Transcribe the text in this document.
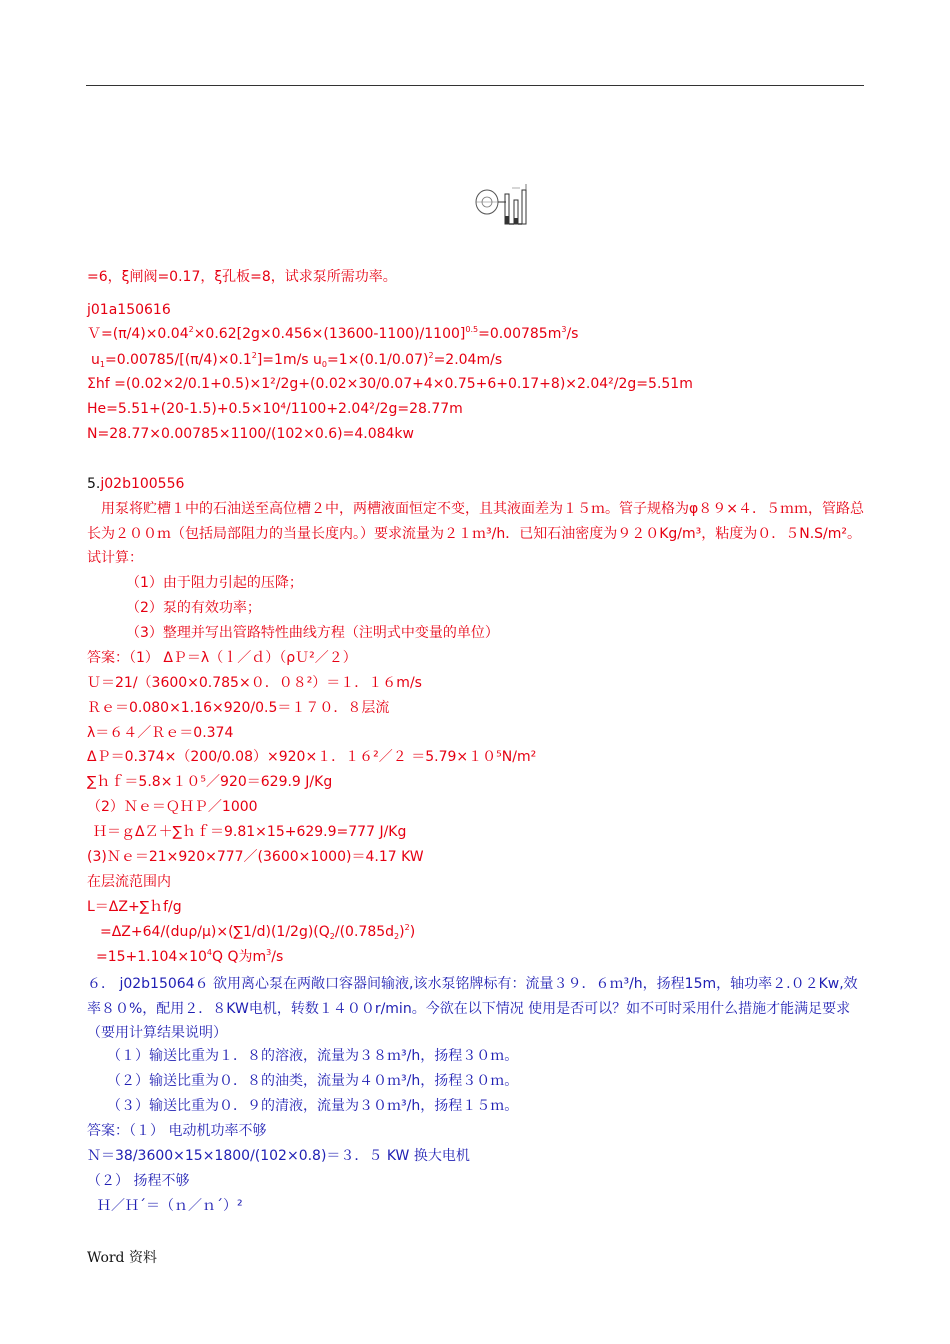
=6，ξ闸阀=0.17，ξ孔板=8，试求泵所需功率。
j01a150616
$V=(\pi/4)\times 0.04^2\times 0.62[2g\times 0.456\times(13600-1100)/1100]^{0.5}=0.00785m^3/s$
$u_1=0.00785/[(\pi/4)\times 0.1^2]=1m/s$ $u_0=1\times(0.1/0.07)^2=2.04m/s$
Σhf =(0.02×2/0.1+0.5)×1²/2g+(0.02×30/0.07+4×0.75+6+0.17+8)×2.04²/2g=5.51m
He=5.51+(20-1.5)+0.5×10⁴/1100+2.04²/2g=28.77m
N=28.77×0.00785×1100/(102×0.6)=4.084kw
5.j02b100556
用泵将贮槽１中的石油送至高位槽２中，两槽液面恒定不变，且其液面差为１５ｍ。管子规格为φ８９×４．５ｍｍ，管路总长为２００ｍ（包括局部阻力的当量长度内。）要求流量为２１ｍ³/h．已知石油密度为９２０Kg/m³，粘度为０．５N.S/m²。试计算：
（1）由于阻力引起的压降；
（2）泵的有效功率；
（3）整理并写出管路特性曲线方程（注明式中变量的单位）
答案：（1） ΔＰ＝λ（ｌ／ｄ）（ρＵ²／２）
Ｕ＝21/（3600×0.785×０．０８²）＝１．１６m/s
Ｒｅ＝0.080×1.16×920/0.5＝１７０．８层流
λ＝６４／Ｒｅ＝0.374
ΔＰ＝0.374×（200/0.08）×920×１．１６²／２ ＝5.79×１０⁵N/m²
∑ｈｆ＝5.8×１０⁵／920＝629.9 J/Kg
（2）Ｎｅ＝ＱＨＰ／1000
Ｈ＝ｇΔＺ＋∑ｈｆ＝9.81×15+629.9=777 J/Kg
(3)Ｎｅ＝21×920×777／(3600×1000)＝4.17 KW
在层流范围内
L＝ΔZ+∑ｈf/g
$=\Delta Z+64/(du\rho/\mu)\times(\sum 1/d)(1/2g)(Q_2/(0.785d_2)^2)$
$=15+1.104\times 10^4Q$ Q为$m^3/s$
６． j02b15064６ 欲用离心泵在两敞口容器间输液,该水泵铭牌标有：流量３９．６ｍ³/h，扬程15m，轴功率２.０２Kw,效率８０%，配用２．８KW电机，转数１４００r/min。今欲在以下情况 使用是否可以？如不可时采用什么措施才能满足要求（要用计算结果说明）
（１）输送比重为１．８的溶液，流量为３８ｍ³/h，扬程３０ｍ。
（２）输送比重为０．８的油类，流量为４０ｍ³/h，扬程３０ｍ。
（３）输送比重为０．９的清液，流量为３０ｍ³/h，扬程１５ｍ。
答案：（１） 电动机功率不够
Ｎ＝38/3600×15×1800/(102×0.8)＝３．５ KW 换大电机
（２） 扬程不够
Ｈ／Ｈ´＝（ｎ／ｎ´）²
Word 资料
